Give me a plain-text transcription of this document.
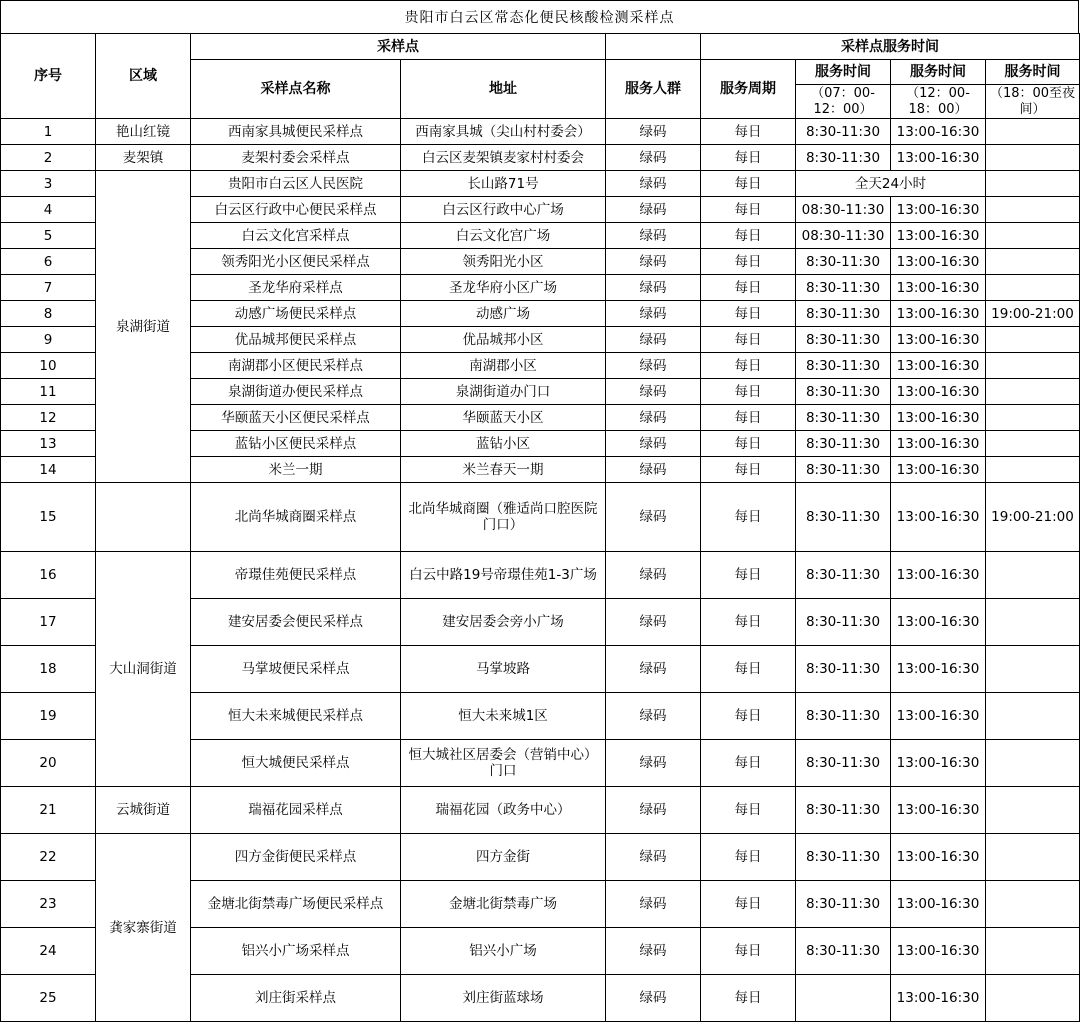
贵阳市白云区常态化便民核酸检测采样点
序号	区域	采样点			采样点服务时间			
		采样点名称	地址	服务人群	服务周期	服务时间	服务时间	服务时间
						（07：00-12：00）	（12：00-18：00）	（18：00至夜间）
1	艳山红镜	西南家具城便民采样点	西南家具城（尖山村村委会）	绿码	每日	8:30-11:30	13:00-16:30	
2	麦架镇	麦架村委会采样点	白云区麦架镇麦家村村委会	绿码	每日	8:30-11:30	13:00-16:30	
3	泉湖街道	贵阳市白云区人民医院	长山路71号	绿码	每日	全天24小时		
4		白云区行政中心便民采样点	白云区行政中心广场	绿码	每日	08:30-11:30	13:00-16:30	
5		白云文化宫采样点	白云文化宫广场	绿码	每日	08:30-11:30	13:00-16:30	
6		领秀阳光小区便民采样点	领秀阳光小区	绿码	每日	8:30-11:30	13:00-16:30	
7		圣龙华府采样点	圣龙华府小区广场	绿码	每日	8:30-11:30	13:00-16:30	
8		动感广场便民采样点	动感广场	绿码	每日	8:30-11:30	13:00-16:30	19:00-21:00
9		优品城邦便民采样点	优品城邦小区	绿码	每日	8:30-11:30	13:00-16:30	
10		南湖郡小区便民采样点	南湖郡小区	绿码	每日	8:30-11:30	13:00-16:30	
11		泉湖街道办便民采样点	泉湖街道办门口	绿码	每日	8:30-11:30	13:00-16:30	
12		华颐蓝天小区便民采样点	华颐蓝天小区	绿码	每日	8:30-11:30	13:00-16:30	
13		蓝钻小区便民采样点	蓝钻小区	绿码	每日	8:30-11:30	13:00-16:30	
14		米兰一期	米兰春天一期	绿码	每日	8:30-11:30	13:00-16:30	
15		北尚华城商圈采样点	北尚华城商圈（雅适尚口腔医院门口）	绿码	每日	8:30-11:30	13:00-16:30	19:00-21:00
16	大山洞街道	帝璟佳苑便民采样点	白云中路19号帝璟佳苑1-3广场	绿码	每日	8:30-11:30	13:00-16:30	
17		建安居委会便民采样点	建安居委会旁小广场	绿码	每日	8:30-11:30	13:00-16:30	
18		马掌坡便民采样点	马掌坡路	绿码	每日	8:30-11:30	13:00-16:30	
19		恒大未来城便民采样点	恒大未来城1区	绿码	每日	8:30-11:30	13:00-16:30	
20		恒大城便民采样点	恒大城社区居委会（营销中心）门口	绿码	每日	8:30-11:30	13:00-16:30	
21	云城街道	瑞福花园采样点	瑞福花园（政务中心）	绿码	每日	8:30-11:30	13:00-16:30	
22	龚家寨街道	四方金街便民采样点	四方金街	绿码	每日	8:30-11:30	13:00-16:30	
23		金塘北街禁毒广场便民采样点	金塘北街禁毒广场	绿码	每日	8:30-11:30	13:00-16:30	
24		铝兴小广场采样点	铝兴小广场	绿码	每日	8:30-11:30	13:00-16:30	
25		刘庄街采样点	刘庄街蓝球场	绿码	每日		13:00-16:30	
